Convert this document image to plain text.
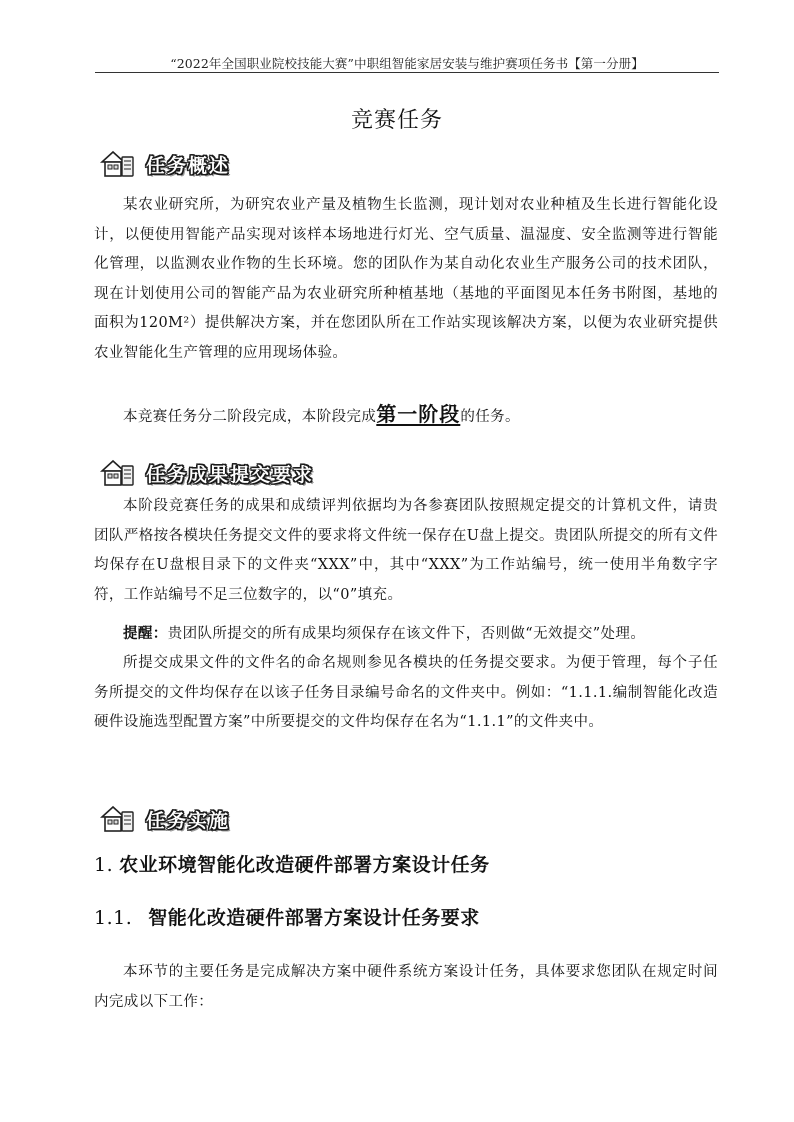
“2022年全国职业院校技能大赛”中职组智能家居安装与维护赛项任务书【第一分册】
竞赛任务
任务概述
某农业研究所，为研究农业产量及植物生长监测，现计划对农业种植及生长进行智能化设计，以便使用智能产品实现对该样本场地进行灯光、空气质量、温湿度、安全监测等进行智能化管理，以监测农业作物的生长环境。您的团队作为某自动化农业生产服务公司的技术团队，现在计划使用公司的智能产品为农业研究所种植基地（基地的平面图见本任务书附图，基地的面积为120M²）提供解决方案，并在您团队所在工作站实现该解决方案，以便为农业研究提供农业智能化生产管理的应用现场体验。
本竞赛任务分二阶段完成，本阶段完成第一阶段的任务。
任务成果提交要求
本阶段竞赛任务的成果和成绩评判依据均为各参赛团队按照规定提交的计算机文件，请贵团队严格按各模块任务提交文件的要求将文件统一保存在U盘上提交。贵团队所提交的所有文件均保存在U盘根目录下的文件夹“XXX”中，其中“XXX”为工作站编号，统一使用半角数字字符，工作站编号不足三位数字的，以“0”填充。
提醒：贵团队所提交的所有成果均须保存在该文件下，否则做“无效提交”处理。
所提交成果文件的文件名的命名规则参见各模块的任务提交要求。为便于管理，每个子任务所提交的文件均保存在以该子任务目录编号命名的文件夹中。例如：“1.1.1.编制智能化改造硬件设施选型配置方案”中所要提交的文件均保存在名为“1.1.1”的文件夹中。
任务实施
1. 农业环境智能化改造硬件部署方案设计任务
1.1. 智能化改造硬件部署方案设计任务要求
本环节的主要任务是完成解决方案中硬件系统方案设计任务，具体要求您团队在规定时间内完成以下工作：
